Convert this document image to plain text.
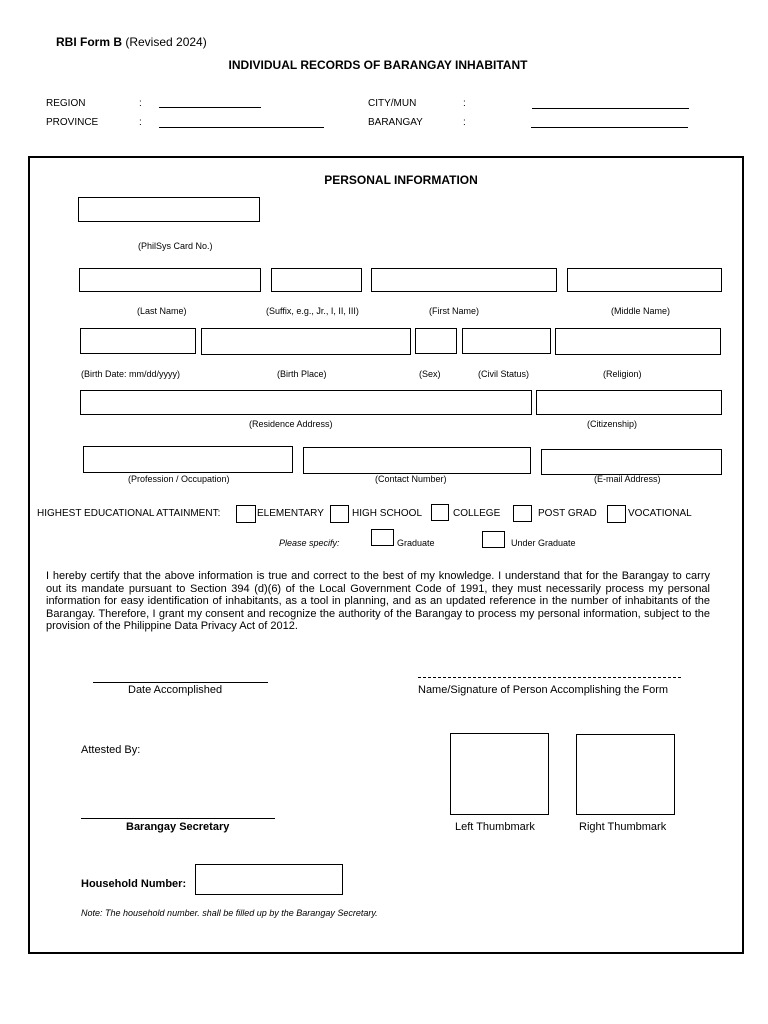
RBI Form B (Revised 2024)
INDIVIDUAL RECORDS OF BARANGAY INHABITANT
REGION	:
PROVINCE	:
CITY/MUN	:
BARANGAY	:
PERSONAL INFORMATION
(PhilSys Card No.)
(Last Name)	(Suffix, e.g., Jr., I, II, III)	(First Name)	(Middle Name)
(Birth Date: mm/dd/yyyy)	(Birth Place)	(Sex)	(Civil Status)	(Religion)
(Residence Address)	(Citizenship)
(Profession / Occupation)	(Contact Number)	(E-mail Address)
HIGHEST EDUCATIONAL ATTAINMENT:	ELEMENTARY	HIGH SCHOOL	COLLEGE	POST GRAD	VOCATIONAL
Please specify:	Graduate	Under Graduate
I hereby certify that the above information is true and correct to the best of my knowledge. I understand that for the Barangay to carry out its mandate pursuant to Section 394 (d)(6) of the Local Government Code of 1991, they must necessarily process my personal information for easy identification of inhabitants, as a tool in planning, and as an updated reference in the number of inhabitants of the Barangay. Therefore, I grant my consent and recognize the authority of the Barangay to process my personal information, subject to the provision of the Philippine Data Privacy Act of 2012.
Date Accomplished	Name/Signature of Person Accomplishing the Form
Attested By:
Barangay Secretary	Left Thumbmark	Right Thumbmark
Household Number:
Note: The household number. shall be filled up by the Barangay Secretary.
